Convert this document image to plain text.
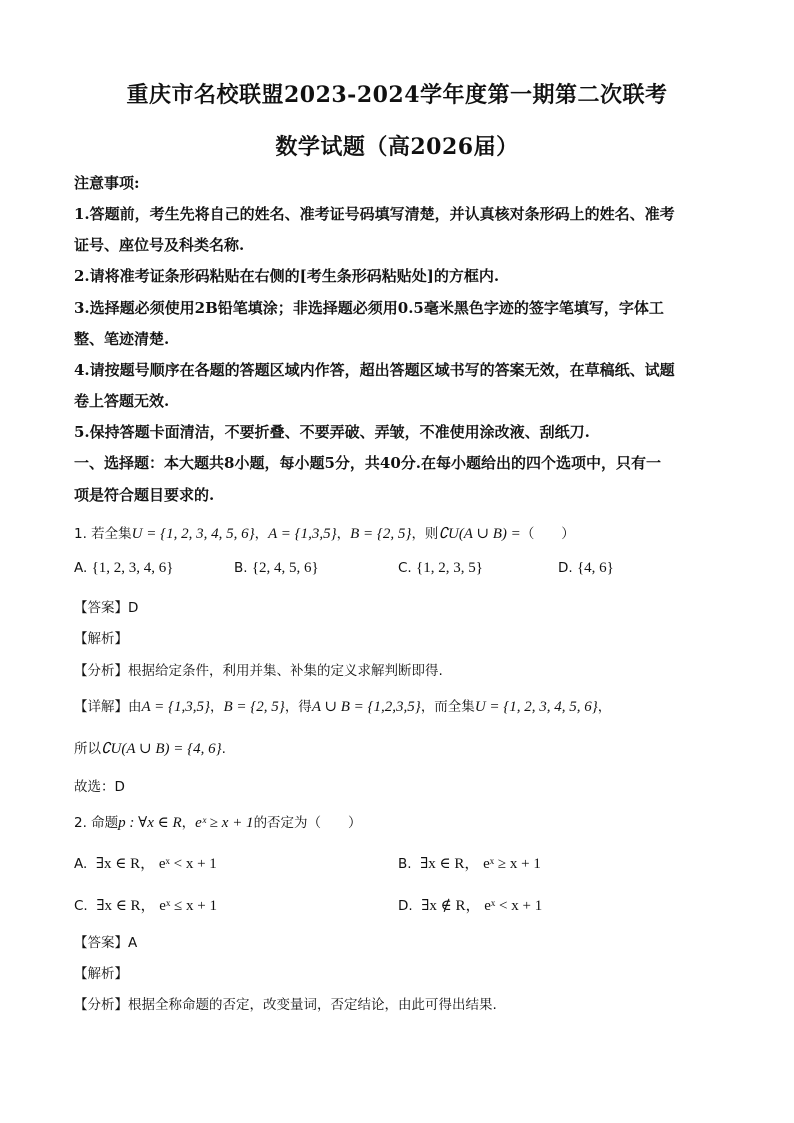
重庆市名校联盟2023-2024学年度第一期第二次联考
数学试题（高2026届）
注意事项:
1.答题前，考生先将自己的姓名、准考证号码填写清楚，并认真核对条形码上的姓名、准考
证号、座位号及科类名称.
2.请将准考证条形码粘贴在右侧的[考生条形码粘贴处]的方框内.
3.选择题必须使用2B铅笔填涂；非选择题必须用0.5毫米黑色字迹的签字笔填写，字体工
整、笔迹清楚.
4.请按题号顺序在各题的答题区域内作答，超出答题区域书写的答案无效，在草稿纸、试题
卷上答题无效.
5.保持答题卡面清洁，不要折叠、不要弄破、弄皱，不准使用涂改液、刮纸刀.
一、选择题：本大题共8小题，每小题5分，共40分.在每小题给出的四个选项中，只有一
项是符合题目要求的.
1. 若全集U = {1, 2, 3, 4, 5, 6}，A = {1,3,5}，B = {2, 5}，则∁U(A ∪ B) =（　　）
A. {1, 2, 3, 4, 6}	B. {2, 4, 5, 6}	C. {1, 2, 3, 5}	D. {4, 6}
【答案】D
【解析】
【分析】根据给定条件，利用并集、补集的定义求解判断即得.
【详解】由A = {1,3,5}，B = {2, 5}，得A ∪ B = {1,2,3,5}，而全集U = {1, 2, 3, 4, 5, 6}，
所以∁U(A ∪ B) = {4, 6}.
故选：D
2. 命题p : ∀x ∈ R，eˣ ≥ x + 1的否定为（　　）
A. ∃x ∈ R， eˣ < x + 1	B. ∃x ∈ R， eˣ ≥ x + 1
C. ∃x ∈ R， eˣ ≤ x + 1	D. ∃x ∉ R， eˣ < x + 1
【答案】A
【解析】
【分析】根据全称命题的否定，改变量词，否定结论，由此可得出结果.
